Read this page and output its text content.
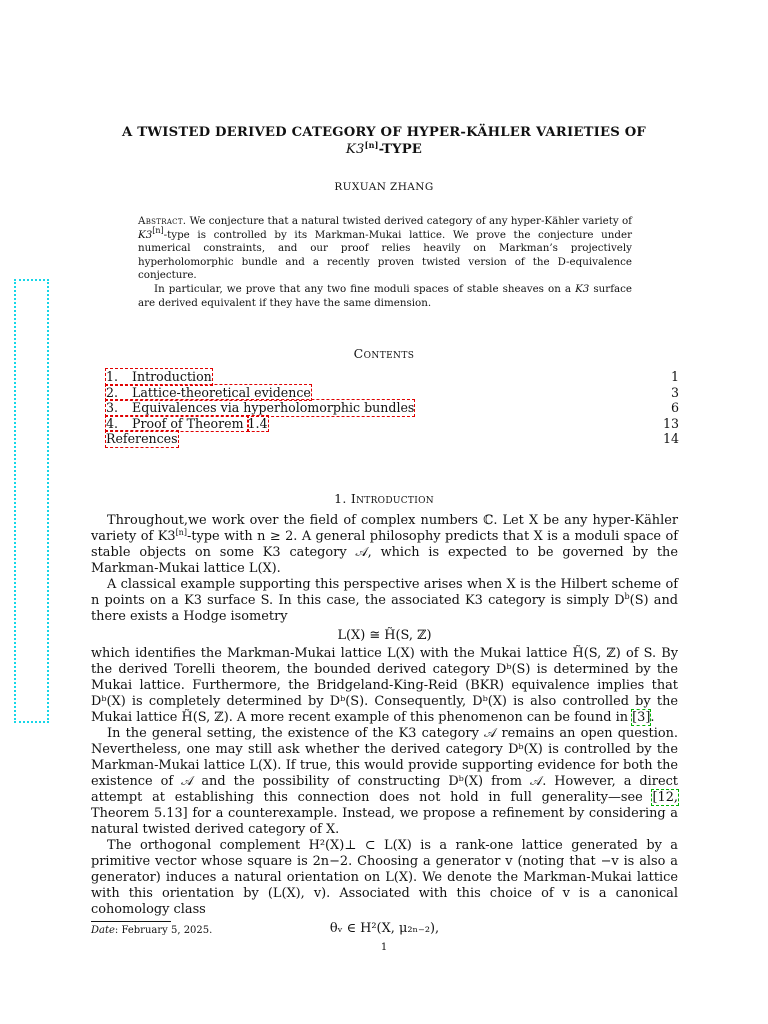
A TWISTED DERIVED CATEGORY OF HYPER-KÄHLER VARIETIES OF
K3[n]-TYPE
RUXUAN ZHANG

Abstract. We conjecture that a natural twisted derived category of any hyper-Kähler variety of K3[n]-type is controlled by its Markman-Mukai lattice. We prove the conjecture under numerical constraints, and our proof relies heavily on Markman’s projectively hyperholomorphic bundle and a recently proven twisted version of the D-equivalence conjecture.

In particular, we prove that any two fine moduli spaces of stable sheaves on a K3 surface are derived equivalent if they have the same dimension.

Contents
1. Introduction	1
2. Lattice-theoretical evidence	3
3. Equivalences via hyperholomorphic bundles	6
4. Proof of Theorem 1.4	13
References	14
1. Introduction

Throughout,we work over the field of complex numbers ℂ. Let X be any hyper-Kähler variety of K3[n]-type with n ≥ 2. A general philosophy predicts that X is a moduli space of stable objects on some K3 category 𝒜, which is expected to be governed by the Markman-Mukai lattice L(X).

A classical example supporting this perspective arises when X is the Hilbert scheme of n points on a K3 surface S. In this case, the associated K3 category is simply $D^b(S)$ and there exists a Hodge isometry

L(X) ≅ H̃(S, ℤ)

which identifies the Markman-Mukai lattice L(X) with the Mukai lattice H̃(S, ℤ) of S. By the derived Torelli theorem, the bounded derived category Dᵇ(S) is determined by the Mukai lattice. Furthermore, the Bridgeland-King-Reid (BKR) equivalence implies that Dᵇ(X) is completely determined by Dᵇ(S). Consequently, Dᵇ(X) is also controlled by the Mukai lattice H̃(S, ℤ). A more recent example of this phenomenon can be found in [3].

In the general setting, the existence of the K3 category 𝒜 remains an open question. Nevertheless, one may still ask whether the derived category Dᵇ(X) is controlled by the Markman-Mukai lattice L(X). If true, this would provide supporting evidence for both the existence of 𝒜 and the possibility of constructing Dᵇ(X) from 𝒜. However, a direct attempt at establishing this connection does not hold in full generality—see [12, Theorem 5.13] for a counterexample. Instead, we propose a refinement by considering a natural twisted derived category of X.

The orthogonal complement H²(X)⊥ ⊂ L(X) is a rank-one lattice generated by a primitive vector whose square is 2n−2. Choosing a generator v (noting that −v is also a generator) induces a natural orientation on L(X). We denote the Markman-Mukai lattice with this orientation by (L(X), v). Associated with this choice of v is a canonical cohomology class

θᵥ ∈ H²(X, μ₂ₙ₋₂),

Date: February 5, 2025.
1
